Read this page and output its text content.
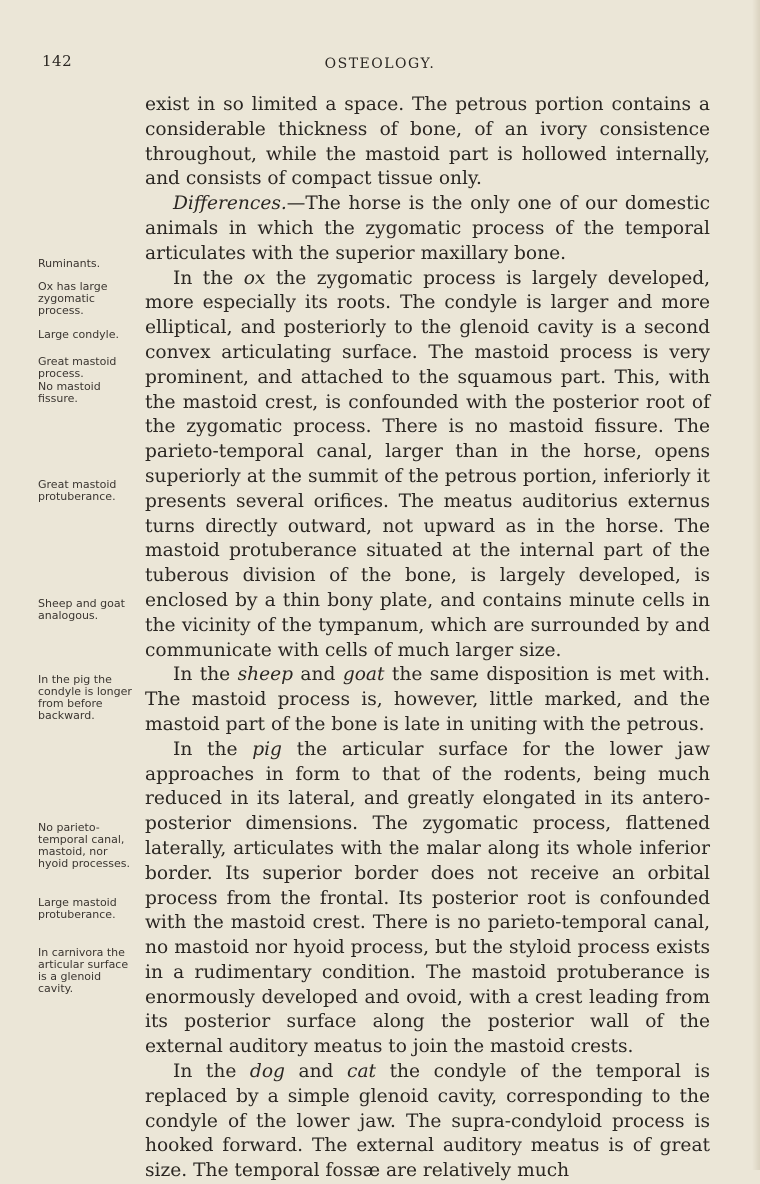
142	OSTEOLOGY.

exist in so limited a space. The petrous portion contains a considerable thickness of bone, of an ivory consistence throughout, while the mastoid part is hollowed internally, and consists of compact tissue only.

Differences.—The horse is the only one of our domestic animals in which the zygomatic process of the temporal articulates with the superior maxillary bone.

In the ox the zygomatic process is largely developed, more especially its roots. The condyle is larger and more elliptical, and posteriorly to the glenoid cavity is a second convex articulating surface. The mastoid process is very prominent, and attached to the squamous part. This, with the mastoid crest, is confounded with the posterior root of the zygomatic process. There is no mastoid fissure. The parieto-temporal canal, larger than in the horse, opens superiorly at the summit of the petrous portion, inferiorly it presents several orifices. The meatus auditorius externus turns directly outward, not upward as in the horse. The mastoid protuberance situated at the internal part of the tuberous division of the bone, is largely developed, is enclosed by a thin bony plate, and contains minute cells in the vicinity of the tympanum, which are surrounded by and communicate with cells of much larger size.

In the sheep and goat the same disposition is met with. The mastoid process is, however, little marked, and the mastoid part of the bone is late in uniting with the petrous.

In the pig the articular surface for the lower jaw approaches in form to that of the rodents, being much reduced in its lateral, and greatly elongated in its antero-posterior dimensions. The zygomatic process, flattened laterally, articulates with the malar along its whole inferior border. Its superior border does not receive an orbital process from the frontal. Its posterior root is confounded with the mastoid crest. There is no parieto-temporal canal, no mastoid nor hyoid process, but the styloid process exists in a rudimentary condition. The mastoid protuberance is enormously developed and ovoid, with a crest leading from its posterior surface along the posterior wall of the external auditory meatus to join the mastoid crests.

In the dog and cat the condyle of the temporal is replaced by a simple glenoid cavity, corresponding to the condyle of the lower jaw. The supra-condyloid process is hooked forward. The external auditory meatus is of great size. The temporal fossæ are relatively much

Ruminants.
Ox has large zygomatic process.
Large condyle.
Great mastoid process.
No mastoid fissure.
Great mastoid protuberance.
Sheep and goat analogous.
In the pig the condyle is longer from before backward.
No parieto-temporal canal, mastoid, nor hyoid processes.
Large mastoid protuberance.
In carnivora the articular surface is a glenoid cavity.
